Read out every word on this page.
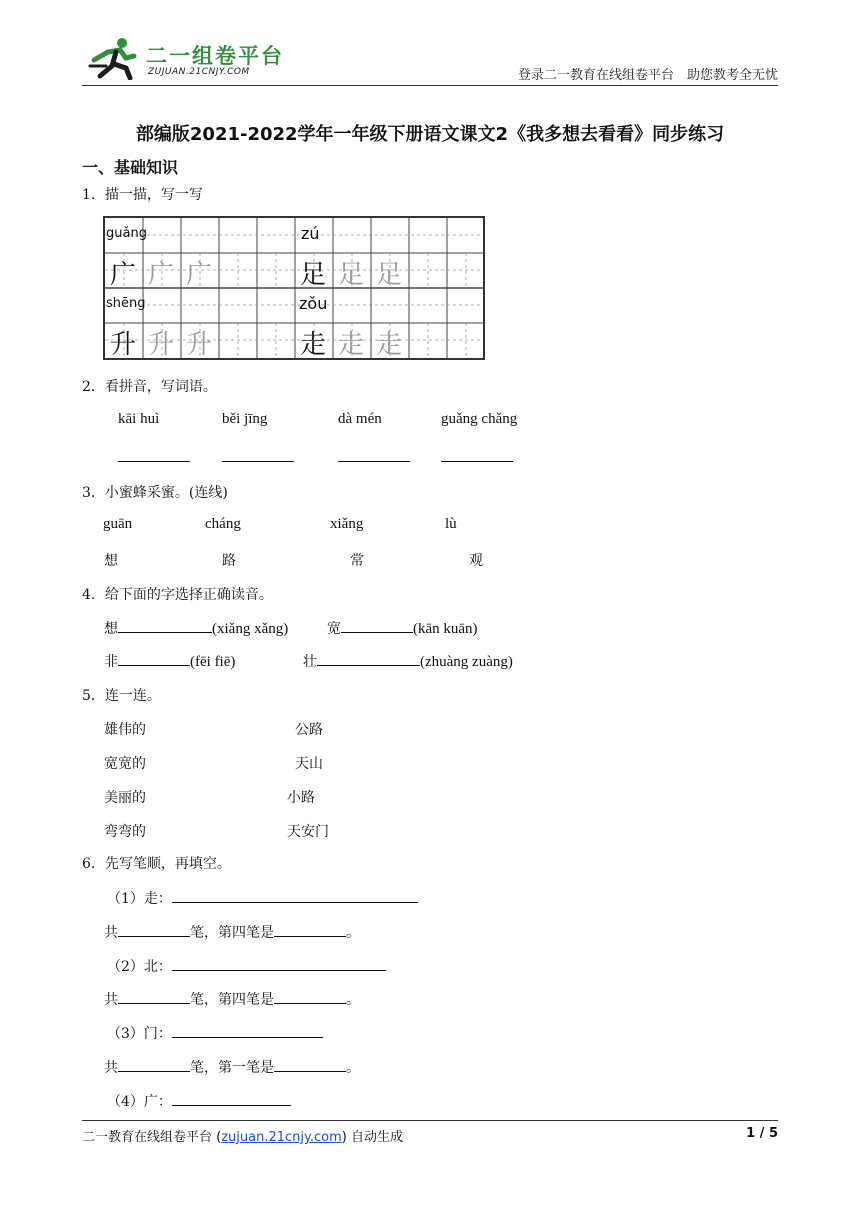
二一组卷平台
ZUJUAN.21CNJY.COM	登录二一教育在线组卷平台　助您教考全无忧
部编版2021-2022学年一年级下册语文课文2《我多想去看看》同步练习
一、基础知识
1．描一描，写一写
guǎng	zú
shēng	zǒu
广 广 广	足 足 足
升 升 升	走 走 走
2．看拼音，写词语。
kāi huì	běi jīng	dà mén	guǎng chǎng
3．小蜜蜂采蜜。(连线)
guān	cháng	xiǎng	lù
想	路	常	观
4．给下面的字选择正确读音。
想	(xiǎng xǎng)	宽	(kān kuān)
非	(fēi fiē)	壮	(zhuàng zuàng)
5．连一连。
雄伟的
宽宽的
美丽的
弯弯的
公路
天山
小路
天安门
6．先写笔顺，再填空。
（1）走：
共	笔，第四笔是	。
（2）北：
共	笔，第四笔是	。
（3）门：
共	笔，第一笔是	。
（4）广：
二一教育在线组卷平台 (zujuan.21cnjy.com) 自动生成	1 / 5
